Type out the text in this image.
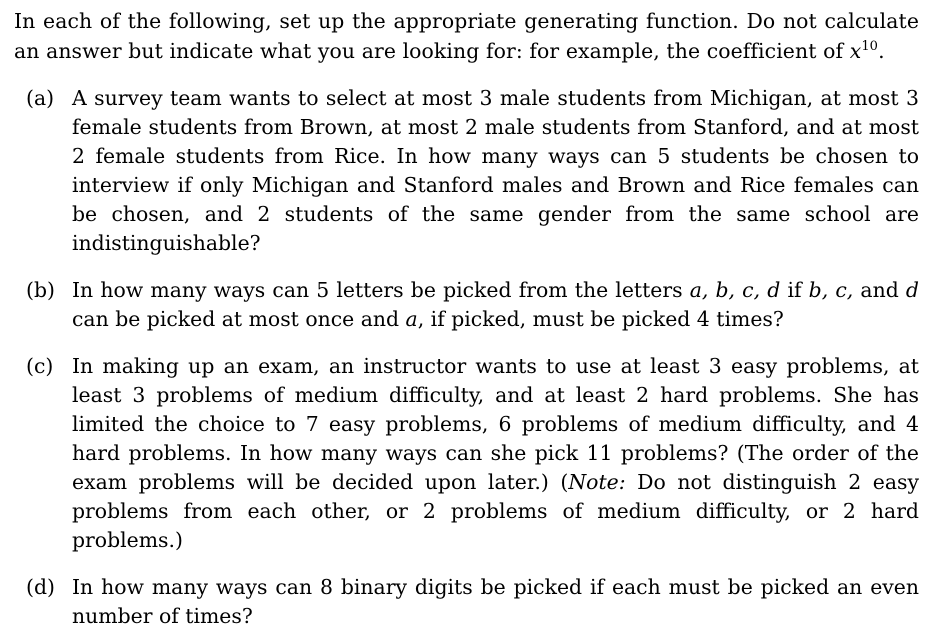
In each of the following, set up the appropriate generating function. Do not calculate an answer but indicate what you are looking for: for example, the coefficient of $x^{10}$.

(a) A survey team wants to select at most 3 male students from Michigan, at most 3 female students from Brown, at most 2 male students from Stanford, and at most 2 female students from Rice. In how many ways can 5 students be chosen to interview if only Michigan and Stanford males and Brown and Rice females can be chosen, and 2 students of the same gender from the same school are indistinguishable?
(b) In how many ways can 5 letters be picked from the letters a, b, c, d if b, c, and d can be picked at most once and a, if picked, must be picked 4 times?
(c) In making up an exam, an instructor wants to use at least 3 easy problems, at least 3 problems of medium difficulty, and at least 2 hard problems. She has limited the choice to 7 easy problems, 6 problems of medium difficulty, and 4 hard problems. In how many ways can she pick 11 problems? (The order of the exam problems will be decided upon later.) (Note: Do not distinguish 2 easy problems from each other, or 2 problems of medium difficulty, or 2 hard problems.)
(d) In how many ways can 8 binary digits be picked if each must be picked an even number of times?
